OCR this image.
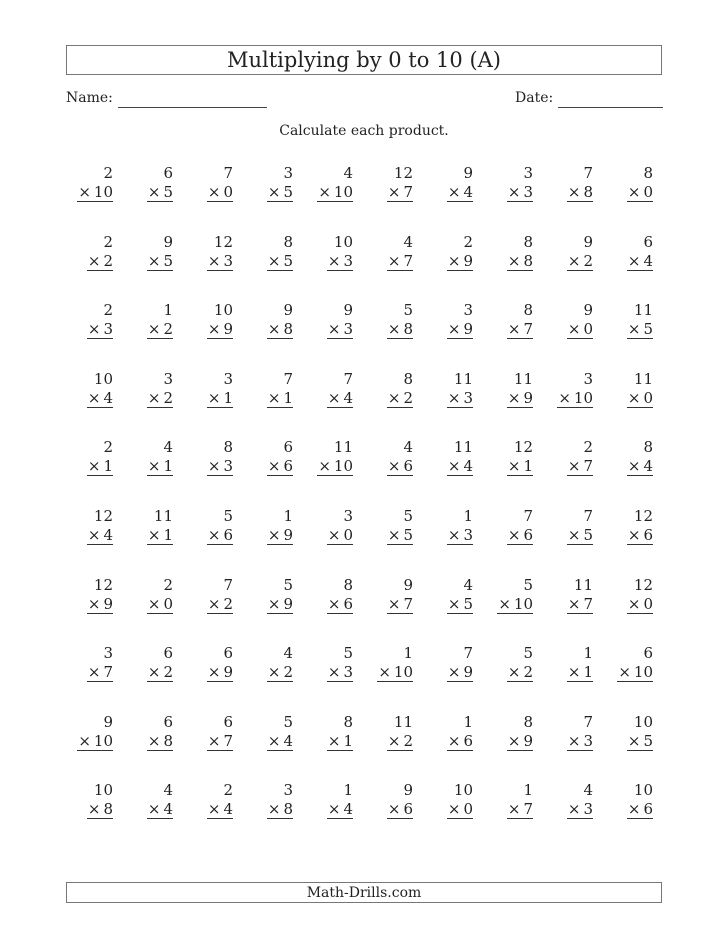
Multiplying by 0 to 10 (A)
Name:	Date:
Calculate each product.
2
× 10
6
× 5
7
× 0
3
× 5
4
× 10
12
× 7
9
× 4
3
× 3
7
× 8
8
× 0
2
× 2
9
× 5
12
× 3
8
× 5
10
× 3
4
× 7
2
× 9
8
× 8
9
× 2
6
× 4
2
× 3
1
× 2
10
× 9
9
× 8
9
× 3
5
× 8
3
× 9
8
× 7
9
× 0
11
× 5
10
× 4
3
× 2
3
× 1
7
× 1
7
× 4
8
× 2
11
× 3
11
× 9
3
× 10
11
× 0
2
× 1
4
× 1
8
× 3
6
× 6
11
× 10
4
× 6
11
× 4
12
× 1
2
× 7
8
× 4
12
× 4
11
× 1
5
× 6
1
× 9
3
× 0
5
× 5
1
× 3
7
× 6
7
× 5
12
× 6
12
× 9
2
× 0
7
× 2
5
× 9
8
× 6
9
× 7
4
× 5
5
× 10
11
× 7
12
× 0
3
× 7
6
× 2
6
× 9
4
× 2
5
× 3
1
× 10
7
× 9
5
× 2
1
× 1
6
× 10
9
× 10
6
× 8
6
× 7
5
× 4
8
× 1
11
× 2
1
× 6
8
× 9
7
× 3
10
× 5
10
× 8
4
× 4
2
× 4
3
× 8
1
× 4
9
× 6
10
× 0
1
× 7
4
× 3
10
× 6
Math-Drills.com
